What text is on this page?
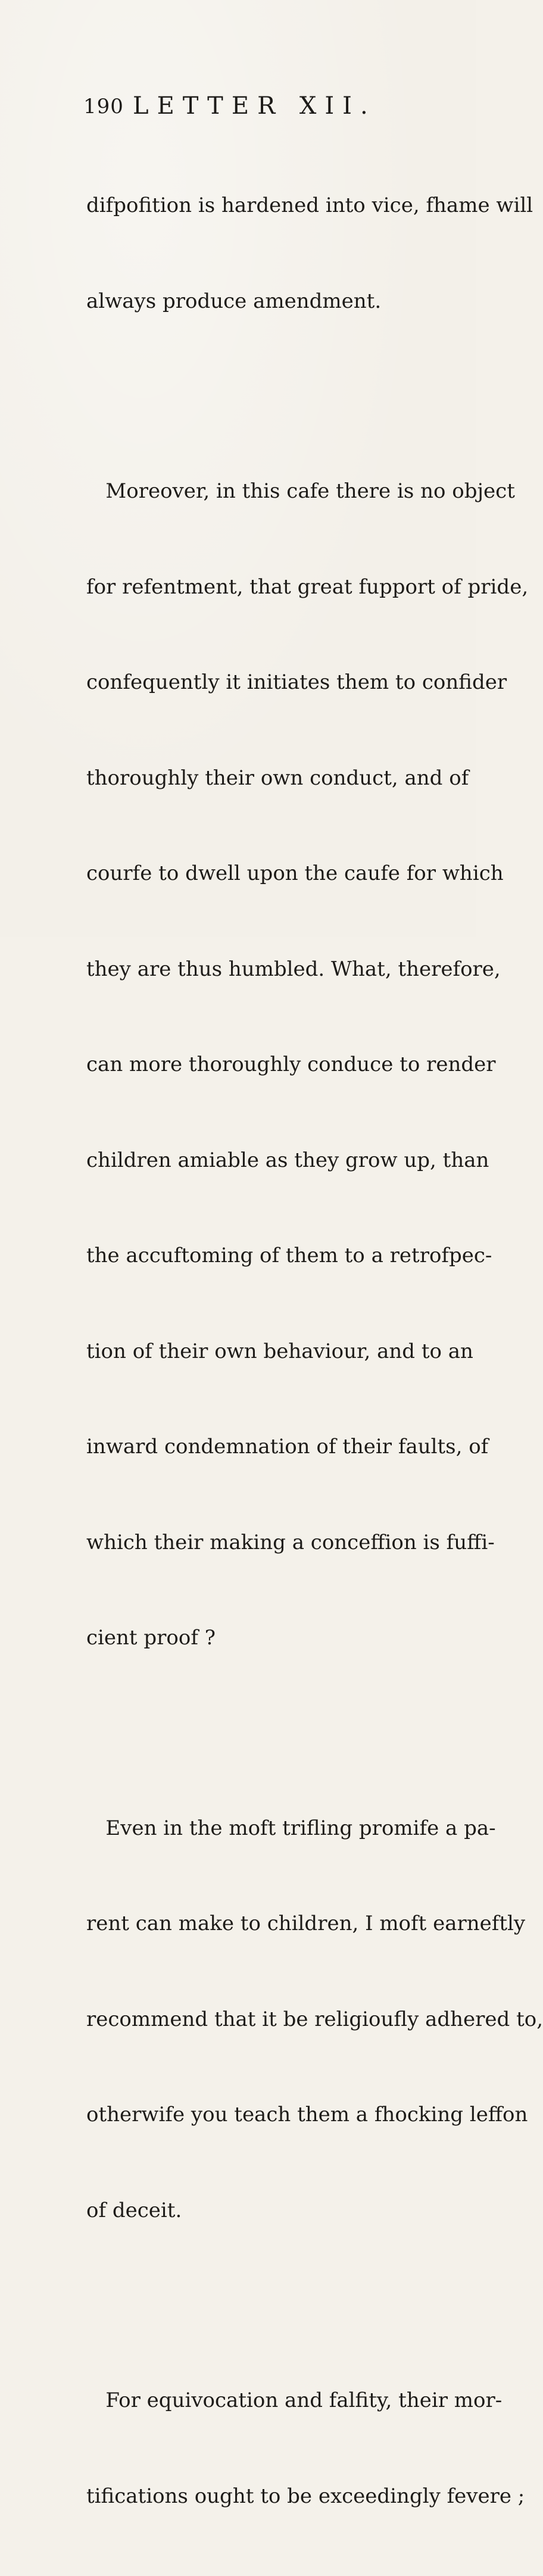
190 LETTER XII.

difpofition is hardened into vice, fhame will

always produce amendment.

Moreover, in this cafe there is no object

for refentment, that great fupport of pride,

confequently it initiates them to confider

thoroughly their own conduct, and of

courfe to dwell upon the caufe for which

they are thus humbled. What, therefore,

can more thoroughly conduce to render

children amiable as they grow up, than

the accuftoming of them to a retrofpec-

tion of their own behaviour, and to an

inward condemnation of their faults, of

which their making a conceffion is fuffi-

cient proof ?

Even in the moft trifling promife a pa-

rent can make to children, I moft earneftly

recommend that it be religioufly adhered to,

otherwife you teach them a fhocking leffon

of deceit.

For equivocation and falfity, their mor-

tifications ought to be exceedingly fevere ;
